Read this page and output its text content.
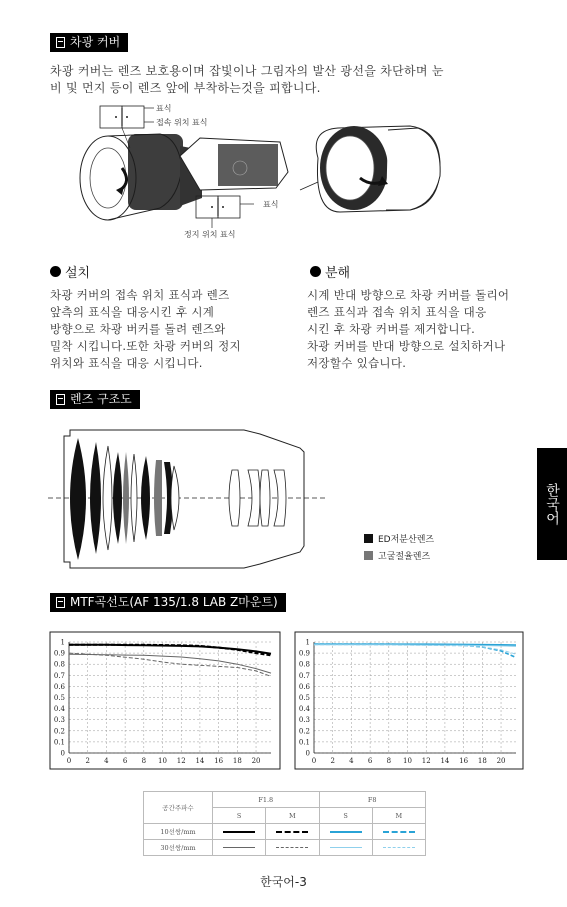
차광 커버
차광 커버는 렌즈 보호용이며 잡빛이나 그림자의 발산 광선을 차단하며 눈
비 및 먼지 등이 렌즈 앞에 부착하는것을 피합니다.
표식
접속 위치 표식
표식
정지 위치 표식
설치
차광 커버의 접속 위치 표식과 렌즈
앞측의 표식을 대응시킨 후 시계
방향으로 차광 버커를 돌려 렌즈와
밀착 시킵니다.또한 차광 커버의 정지
위치와 표식을 대응 시킵니다.
분해
시계 반대 방향으로 차광 커버를 돌리어
렌즈 표식과 접속 위치 표식을 대응
시킨 후 차광 커버를 제거합니다.
차광 커버를 반대 방향으로 설치하거나
저장할수 있습니다.
렌즈 구조도
ED저분산렌즈
고굴절율렌즈
한국어
MTF곡선도(AF 135/1.8 LAB Z마운트)
0
0.1
0.2
0.3
0.4
0.5
0.6
0.7
0.8
0.9
1
0 2 4 6 8 10 12 14 16 18 20
0
0.1
0.2
0.3
0.4
0.5
0.6
0.7
0.8
0.9
1
0 2 4 6 8 10 12 14 16 18 20
공간주파수	F1.8		F8	
	S	M	S	M
10선쌍/mm				
30선쌍/mm				
한국어-3
